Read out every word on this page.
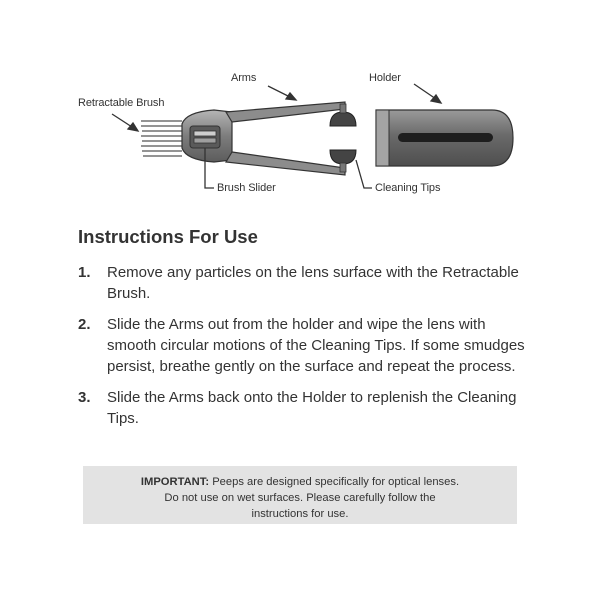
Arms	Holder
Retractable Brush
Brush Slider	Cleaning Tips
Instructions For Use
1. Remove any particles on the lens surface with the Retractable Brush.
2. Slide the Arms out from the holder and wipe the lens with smooth circular motions of the Cleaning Tips. If some smudges persist, breathe gently on the surface and repeat the process.
3. Slide the Arms back onto the Holder to replenish the Cleaning Tips.
IMPORTANT: Peeps are designed specifically for optical lenses.
Do not use on wet surfaces. Please carefully follow the
instructions for use.
